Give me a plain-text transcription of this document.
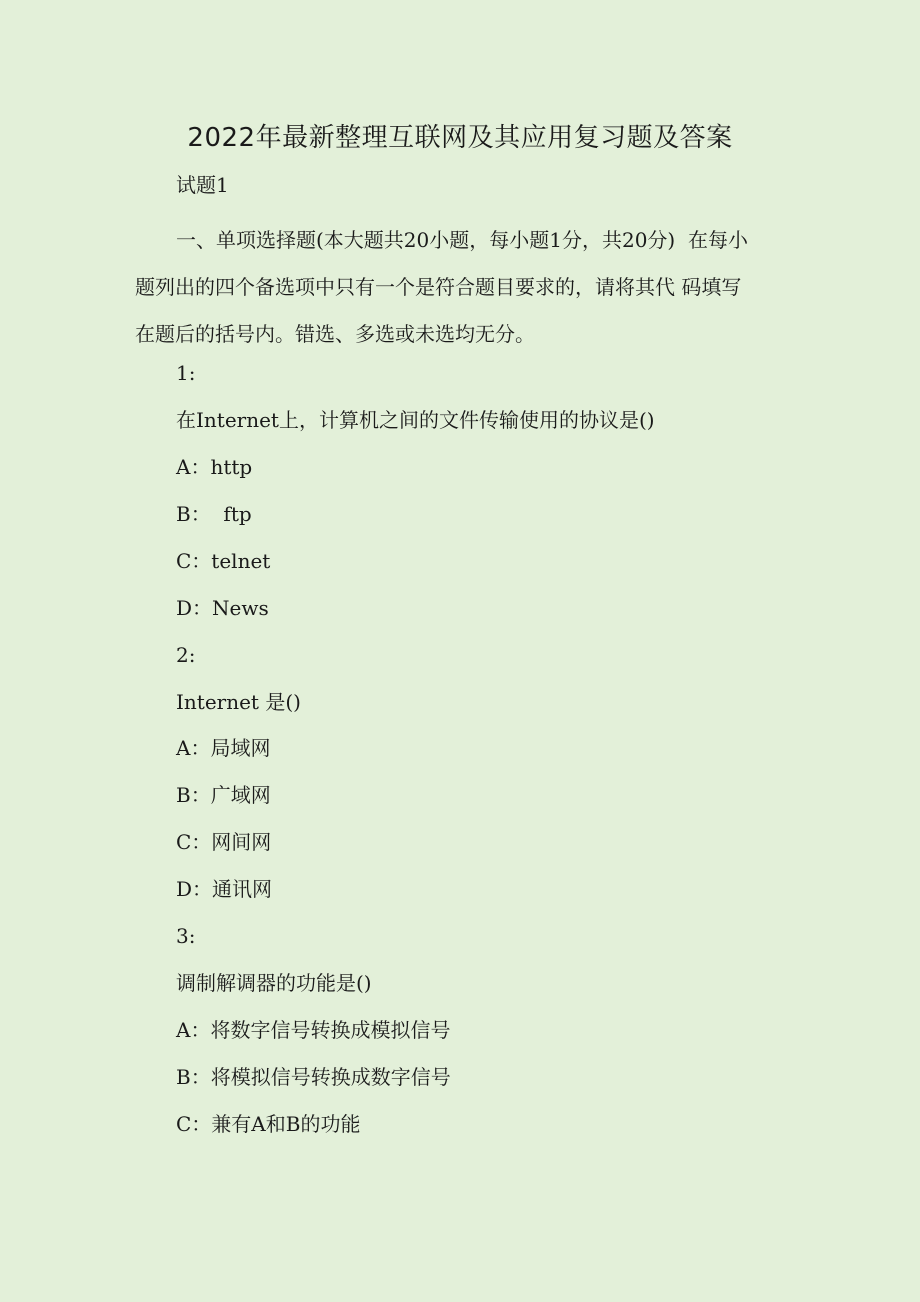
2022年最新整理互联网及其应用复习题及答案
试题1
一、单项选择题(本大题共20小题，每小题1分，共20分)  在每小
题列出的四个备选项中只有一个是符合题目要求的，请将其代 码填写
在题后的括号内。错选、多选或未选均无分。
1:
在Internet上，计算机之间的文件传输使用的协议是()
A：http
B：  ftp
C：telnet
D：News
2:
Internet 是()
A：局域网
B：广域网
C：网间网
D：通讯网
3:
调制解调器的功能是()
A：将数字信号转换成模拟信号
B：将模拟信号转换成数字信号
C：兼有A和B的功能
